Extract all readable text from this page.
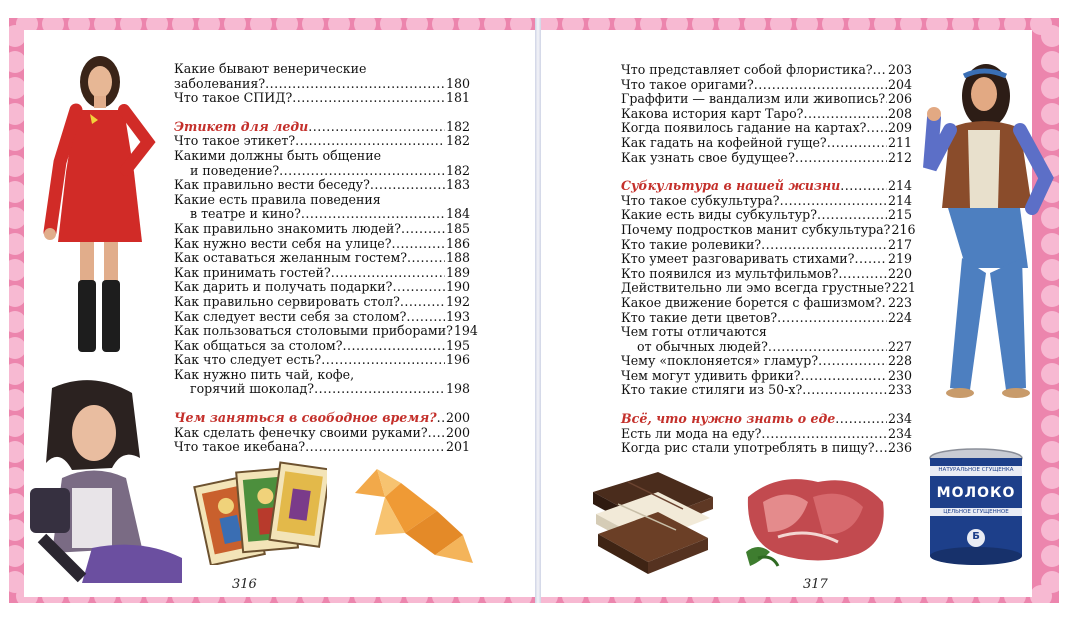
Какие бывают венерические
заболевания? .....	180
Что такое СПИД? .....	181
Этикет для леди .....	182
Что такое этикет? .....	182
Какими должны быть общение
и поведение? .....	182
Как правильно вести беседу? .....	183
Какие есть правила поведения
в театре и кино? .....	184
Как правильно знакомить людей? .....	185
Как нужно вести себя на улице? .....	186
Как оставаться желанным гостем? .....	188
Как принимать гостей? .....	189
Как дарить и получать подарки? .....	190
Как правильно сервировать стол? .....	192
Как следует вести себя за столом? .....	193
Как пользоваться столовыми приборами? 194
Как общаться за столом? .....	195
Как что следует есть? .....	196
Как нужно пить чай, кофе,
горячий шоколад? .....	198
Чем заняться в свободное время? ..... 200
Как сделать фенечку своими руками? ..... 200
Что такое икебана? .....	201
Что представляет собой флористика? ..... 203
Что такое оригами? .....	204
Граффити — вандализм или живопись? ..... 206
Какова история карт Таро? .....	208
Когда появилось гадание на картах? ..... 209
Как гадать на кофейной гуще? .....	211
Как узнать свое будущее? .....	212
Субкультура в нашей жизни .....	214
Что такое субкультура? .....	214
Какие есть виды субкультур? .....	215
Почему подростков манит субкультура? 216
Кто такие ролевики? .....	217
Кто умеет разговаривать стихами? .....	219
Кто появился из мультфильмов? .....	220
Действительно ли эмо всегда грустные? 221
Какое движение борется с фашизмом? ..... 223
Кто такие дети цветов? .....	224
Чем готы отличаются
от обычных людей? .....	227
Чему «поклоняется» гламур? .....	228
Чем могут удивить фрики? .....	230
Кто такие стиляги из 50-х? .....	233
Всё, что нужно знать о еде .....	234
Есть ли мода на еду? .....	234
Когда рис стали употреблять в пищу? ..... 236
316	317
НАТУРАЛЬНОЕ СГУЩЕНКА
МОЛОКО
ЦЕЛЬНОЕ СГУЩЕННОЕ
Б
